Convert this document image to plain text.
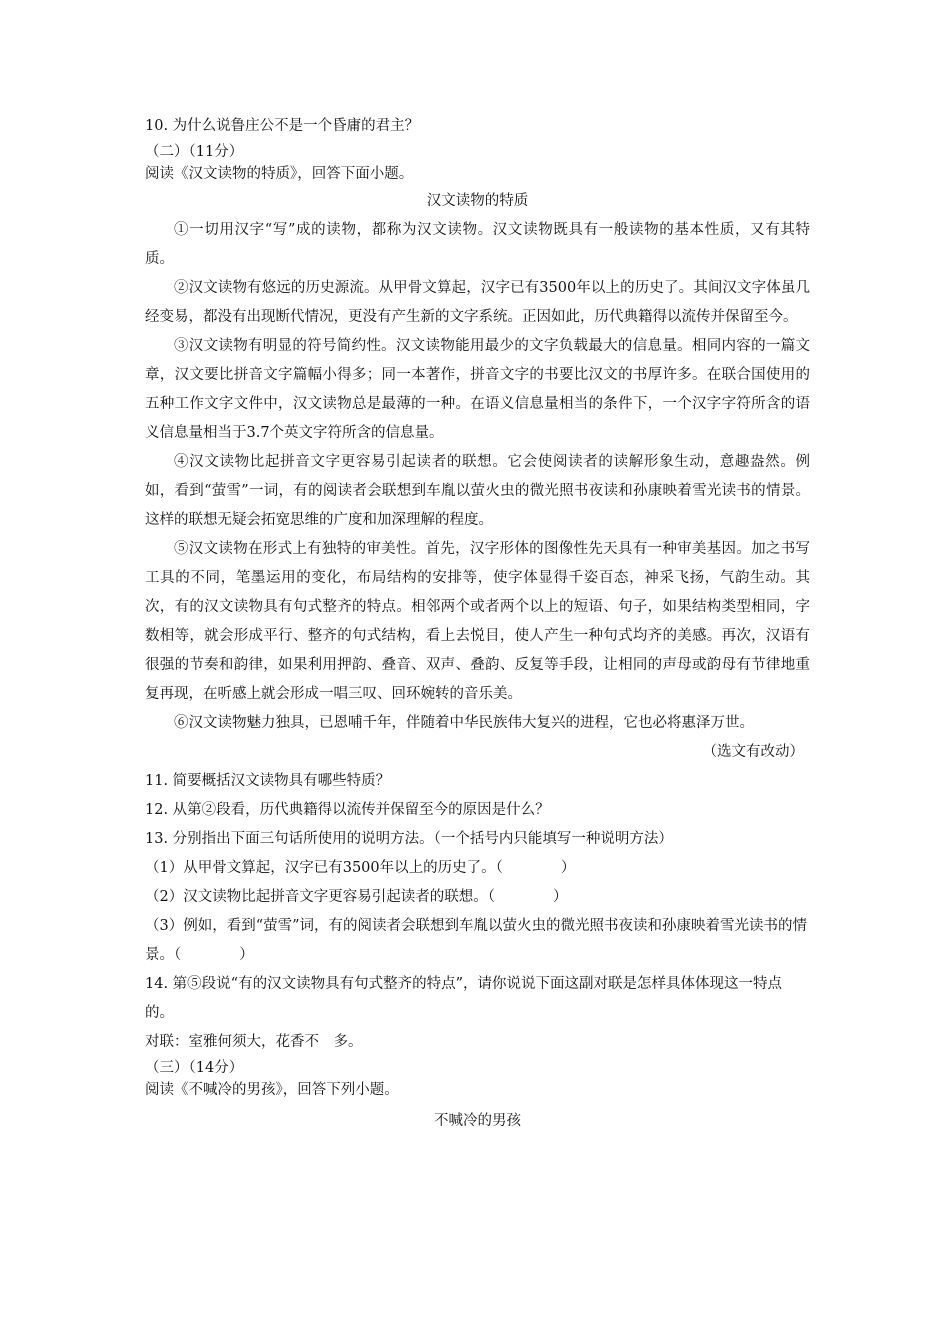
10. 为什么说鲁庄公不是一个昏庸的君主？
（二）（11分）
阅读《汉文读物的特质》，回答下面小题。
汉文读物的特质
①一切用汉字“写”成的读物，都称为汉文读物。汉文读物既具有一般读物的基本性质，又有其特质。
②汉文读物有悠远的历史源流。从甲骨文算起，汉字已有3500年以上的历史了。其间汉文字体虽几经变易，都没有出现断代情况，更没有产生新的文字系统。正因如此，历代典籍得以流传并保留至今。
③汉文读物有明显的符号简约性。汉文读物能用最少的文字负载最大的信息量。相同内容的一篇文章，汉文要比拼音文字篇幅小得多；同一本著作，拼音文字的书要比汉文的书厚许多。在联合国使用的五种工作文字文件中，汉文读物总是最薄的一种。在语义信息量相当的条件下，一个汉字字符所含的语义信息量相当于3.7个英文字符所含的信息量。
④汉文读物比起拼音文字更容易引起读者的联想。它会使阅读者的读解形象生动，意趣盎然。例如，看到“萤雪”一词，有的阅读者会联想到车胤以萤火虫的微光照书夜读和孙康映着雪光读书的情景。这样的联想无疑会拓宽思维的广度和加深理解的程度。
⑤汉文读物在形式上有独特的审美性。首先，汉字形体的图像性先天具有一种审美基因。加之书写工具的不同，笔墨运用的变化，布局结构的安排等，使字体显得千姿百态，神采飞扬，气韵生动。其次，有的汉文读物具有句式整齐的特点。相邻两个或者两个以上的短语、句子，如果结构类型相同，字数相等，就会形成平行、整齐的句式结构，看上去悦目，使人产生一种句式均齐的美感。再次，汉语有很强的节奏和韵律，如果利用押韵、叠音、双声、叠韵、反复等手段，让相同的声母或韵母有节律地重复再现，在听感上就会形成一唱三叹、回环婉转的音乐美。
⑥汉文读物魅力独具，已恩哺千年，伴随着中华民族伟大复兴的进程，它也必将惠泽万世。
（选文有改动）
11. 简要概括汉文读物具有哪些特质？
12. 从第②段看，历代典籍得以流传并保留至今的原因是什么？
13. 分别指出下面三句话所使用的说明方法。（一个括号内只能填写一种说明方法）
（1）从甲骨文算起，汉字已有3500年以上的历史了。（　　　　）
（2）汉文读物比起拼音文字更容易引起读者的联想。（　　　　）
（3）例如，看到“萤雪”词，有的阅读者会联想到车胤以萤火虫的微光照书夜读和孙康映着雪光读书的情景。（　　　　）
14. 第⑤段说“有的汉文读物具有句式整齐的特点”，请你说说下面这副对联是怎样具体体现这一特点的。
对联：室雅何须大，花香不　多。
（三）（14分）
阅读《不喊冷的男孩》，回答下列小题。
不喊冷的男孩
